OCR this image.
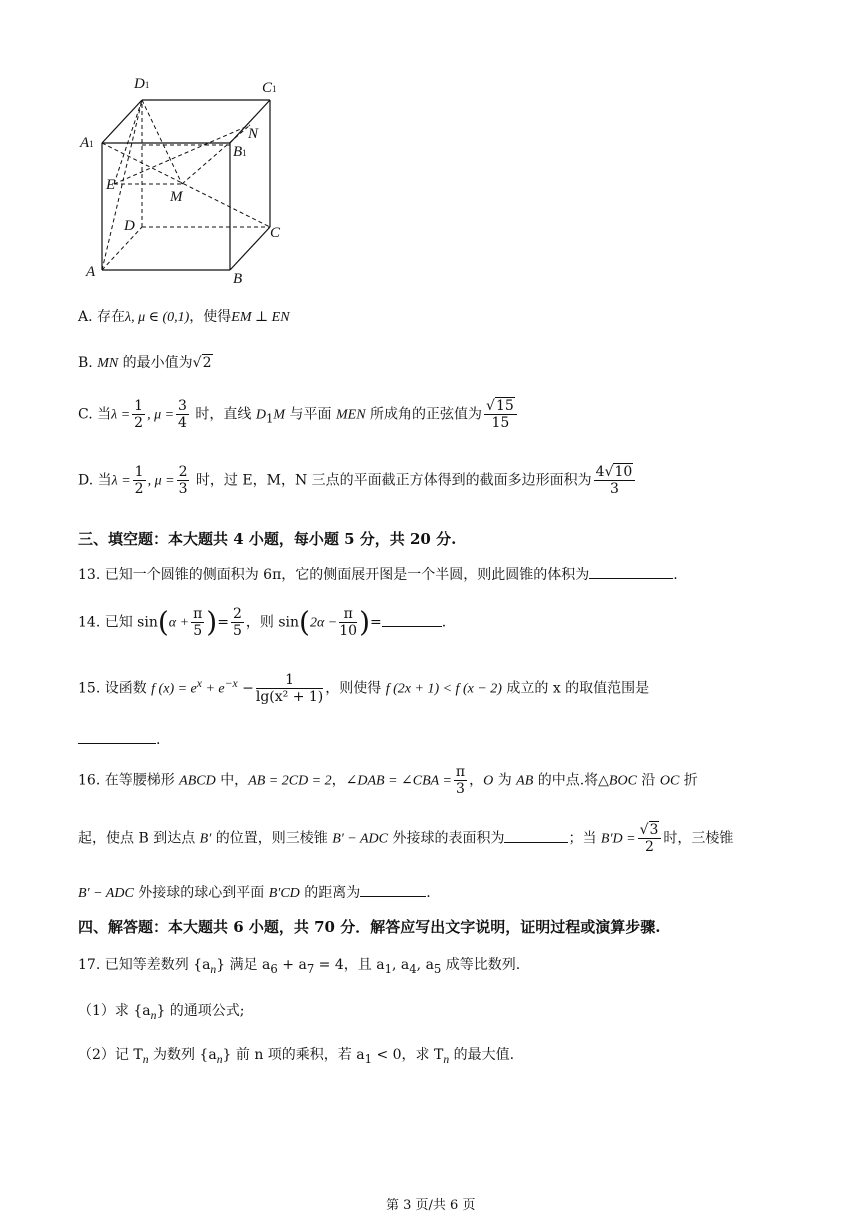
D1	C1
A1	B1
N
E
M
D	C
A	B
A. 存在λ, μ ∈ (0,1)，使得EM ⊥ EN
B. MN 的最小值为√2
C. 当$\lambda = \frac{1}{2}$ , $\mu = \frac{3}{4}$ 时，直线 $D_1M$ 与平面 MEN 所成角的正弦值为 $\frac{√15}{15}$
D. 当$\lambda = \frac{1}{2}$ , $\mu = \frac{2}{3}$ 时，过 E，M，N 三点的平面截正方体得到的截面多边形面积为 $\frac{4√10}{3}$
三、填空题：本大题共 4 小题，每小题 5 分，共 20 分.
13. 已知一个圆锥的侧面积为 6π，它的侧面展开图是一个半圆，则此圆锥的体积为	.
14. 已知 $\sin(\alpha + \frac{\pi}{5}$ )= $\frac{2}{5}$ ，则 $\sin(2\alpha - \frac{\pi}{10}$ )=	.
15. 设函数 f $(x) = e^x + e^{-x} - \frac{1}{\text{lg(x² + 1)}}$ ，则使得 f (2x + 1) < f (x − 2) 成立的 x 的取值范围是
.
16. 在等腰梯形 ABCD 中，AB = 2CD = 2，∠DAB = ∠CBA = $\frac{\pi}{3}$ ，O 为 AB 的中点.将△BOC 沿 OC 折
起，使点 B 到达点 B′ 的位置，则三棱锥 B′ − ADC 外接球的表面积为	；当 $B'D = \frac{√3}{2}$ 时，三棱锥
B′ − ADC 外接球的球心到平面 B′CD 的距离为	.
四、解答题：本大题共 6 小题，共 70 分．解答应写出文字说明，证明过程或演算步骤.
17. 已知等差数列 $\{a_n\}$ 满足 $a_6 + a_7 = 4$，且 $a_1$, $a_4$, $a_5$ 成等比数列.
（1）求 $\{a_n\}$ 的通项公式;
（2）记 $T_n$ 为数列 $\{a_n\}$ 前 n 项的乘积，若 $a_1 < 0$，求 $T_n$ 的最大值.
第 3 页/共 6 页
